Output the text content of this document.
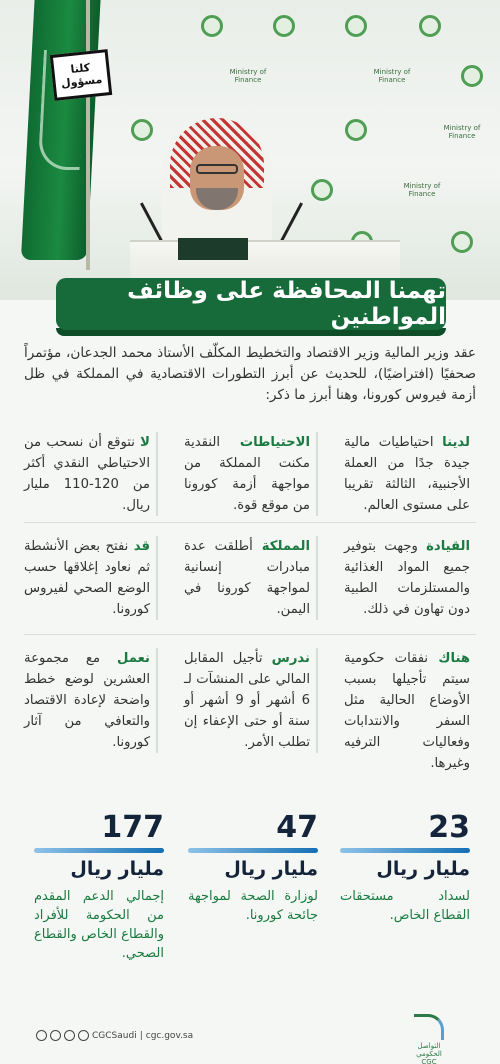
Ministry of Finance
Ministry of Finance
Ministry of Finance
Ministry of Finance
كلنا
مسؤول
تهمنا المحافظة على وظائف المواطنين

عقد وزير المالية وزير الاقتصاد والتخطيط المكلّف الأستاذ محمد الجدعان، مؤتمراً صحفيًا (افتراضيًا)، للحديث عن أبرز التطورات الاقتصادية في المملكة في ظل أزمة فيروس كورونا، وهنا أبرز ما ذكر:

لدينا احتياطيات مالية جيدة جدًا من العملة الأجنبية، الثالثة تقريبا على مستوى العالم.
الاحتياطات النقدية مكنت المملكة من مواجهة أزمة كورونا من موقع قوة.
لا نتوقع أن نسحب من الاحتياطي النقدي أكثر من 120-110 مليار ريال.
القيادة وجهت بتوفير جميع المواد الغذائية والمستلزمات الطبية دون تهاون في ذلك.
المملكة أطلقت عدة مبادرات إنسانية لمواجهة كورونا في اليمن.
قد نفتح بعض الأنشطة ثم نعاود إغلاقها حسب الوضع الصحي لفيروس كورونا.
هناك نفقات حكومية سيتم تأجيلها بسبب الأوضاع الحالية مثل السفر والانتدابات وفعاليات الترفيه وغيرها.
ندرس تأجيل المقابل المالي على المنشآت لـ 6 أشهر أو 9 أشهر أو سنة أو حتى الإعفاء إن تطلب الأمر.
نعمل مع مجموعة العشرين لوضع خطط واضحة لإعادة الاقتصاد والتعافي من آثار كورونا.
23
مليار ريال
لسداد مستحقات القطاع الخاص.
47
مليار ريال
لوزارة الصحة لمواجهة جائحة كورونا.
177
مليار ريال
إجمالي الدعم المقدم من الحكومة للأفراد والقطاع الخاص والقطاع الصحي.
CGCSaudi | cgc.gov.sa
التواصل
الحكومي
CGC
